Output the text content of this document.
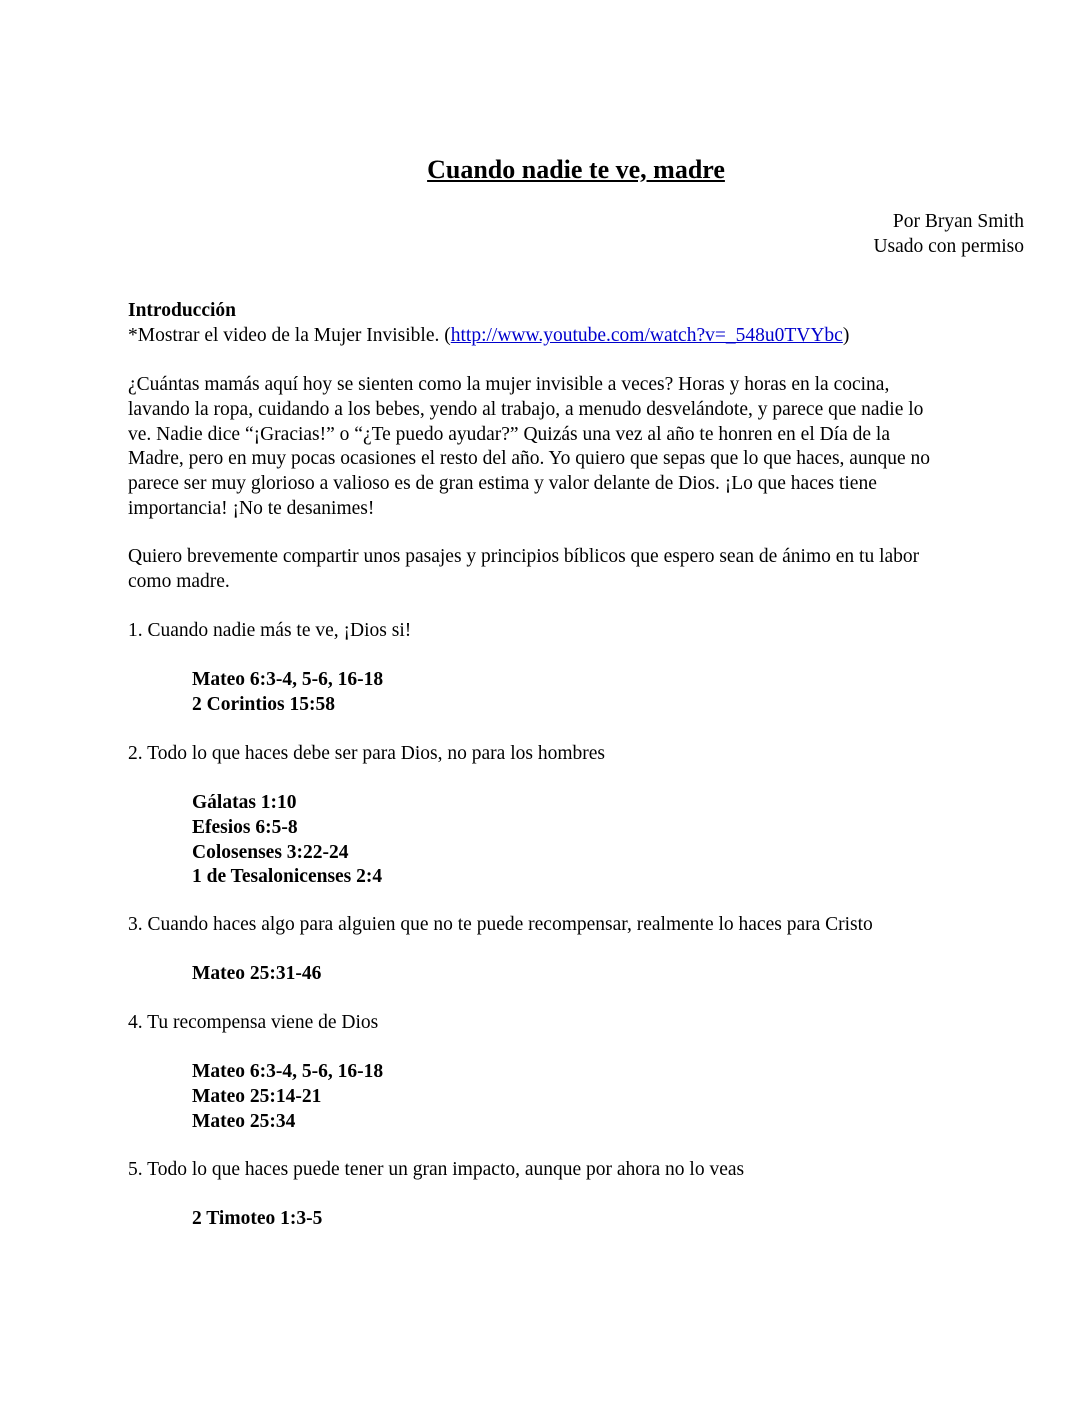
Cuando nadie te ve, madre
Por Bryan Smith
Usado con permiso
Introducción
*Mostrar el video de la Mujer Invisible. (http://www.youtube.com/watch?v=_548u0TVYbc)
¿Cuántas mamás aquí hoy se sienten como la mujer invisible a veces? Horas y horas en la cocina,
lavando la ropa, cuidando a los bebes, yendo al trabajo, a menudo desvelándote, y parece que nadie lo
ve. Nadie dice “¡Gracias!” o “¿Te puedo ayudar?” Quizás una vez al año te honren en el Día de la
Madre, pero en muy pocas ocasiones el resto del año. Yo quiero que sepas que lo que haces, aunque no
parece ser muy glorioso a valioso es de gran estima y valor delante de Dios. ¡Lo que haces tiene
importancia! ¡No te desanimes!
Quiero brevemente compartir unos pasajes y principios bíblicos que espero sean de ánimo en tu labor
como madre.
1. Cuando nadie más te ve, ¡Dios si!
Mateo 6:3-4, 5-6, 16-18
2 Corintios 15:58
2. Todo lo que haces debe ser para Dios, no para los hombres
Gálatas 1:10
Efesios 6:5-8
Colosenses 3:22-24
1 de Tesalonicenses 2:4
3. Cuando haces algo para alguien que no te puede recompensar, realmente lo haces para Cristo
Mateo 25:31-46
4. Tu recompensa viene de Dios
Mateo 6:3-4, 5-6, 16-18
Mateo 25:14-21
Mateo 25:34
5. Todo lo que haces puede tener un gran impacto, aunque por ahora no lo veas
2 Timoteo 1:3-5
